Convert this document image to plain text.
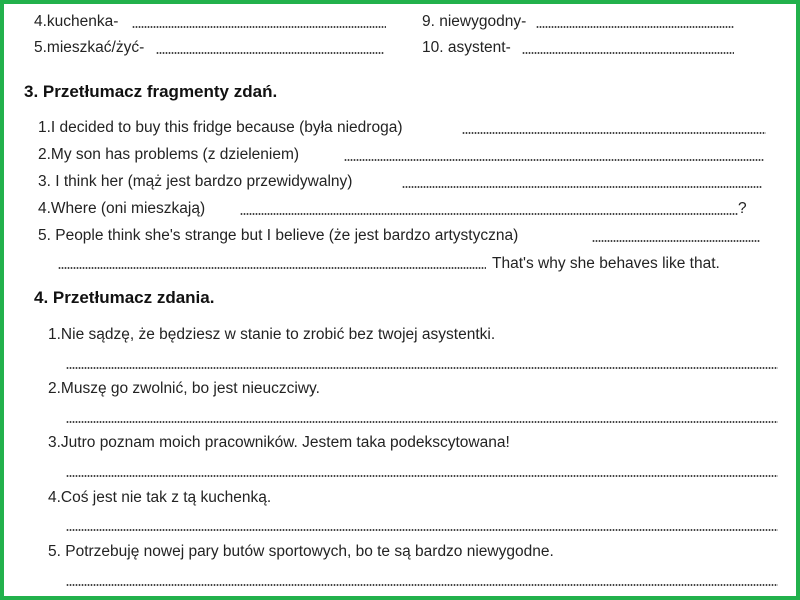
4.kuchenka-
5.mieszkać/żyć-
9. niewygodny-
10. asystent-
3. Przetłumacz fragmenty zdań.
1.I decided to buy this fridge because (była niedroga)
2.My son has problems (z dzieleniem)
3. I think her (mąż jest bardzo przewidywalny)
4.Where (oni mieszkają)	?
5. People think she's strange but I believe (że jest bardzo artystyczna)
That's why she behaves like that.
4. Przetłumacz zdania.
1.Nie sądzę, że będziesz w stanie to zrobić bez twojej asystentki.
2.Muszę go zwolnić, bo jest nieuczciwy.
3.Jutro poznam moich pracowników. Jestem taka podekscytowana!
4.Coś jest nie tak z tą kuchenką.
5. Potrzebuję nowej pary butów sportowych, bo te są bardzo niewygodne.
